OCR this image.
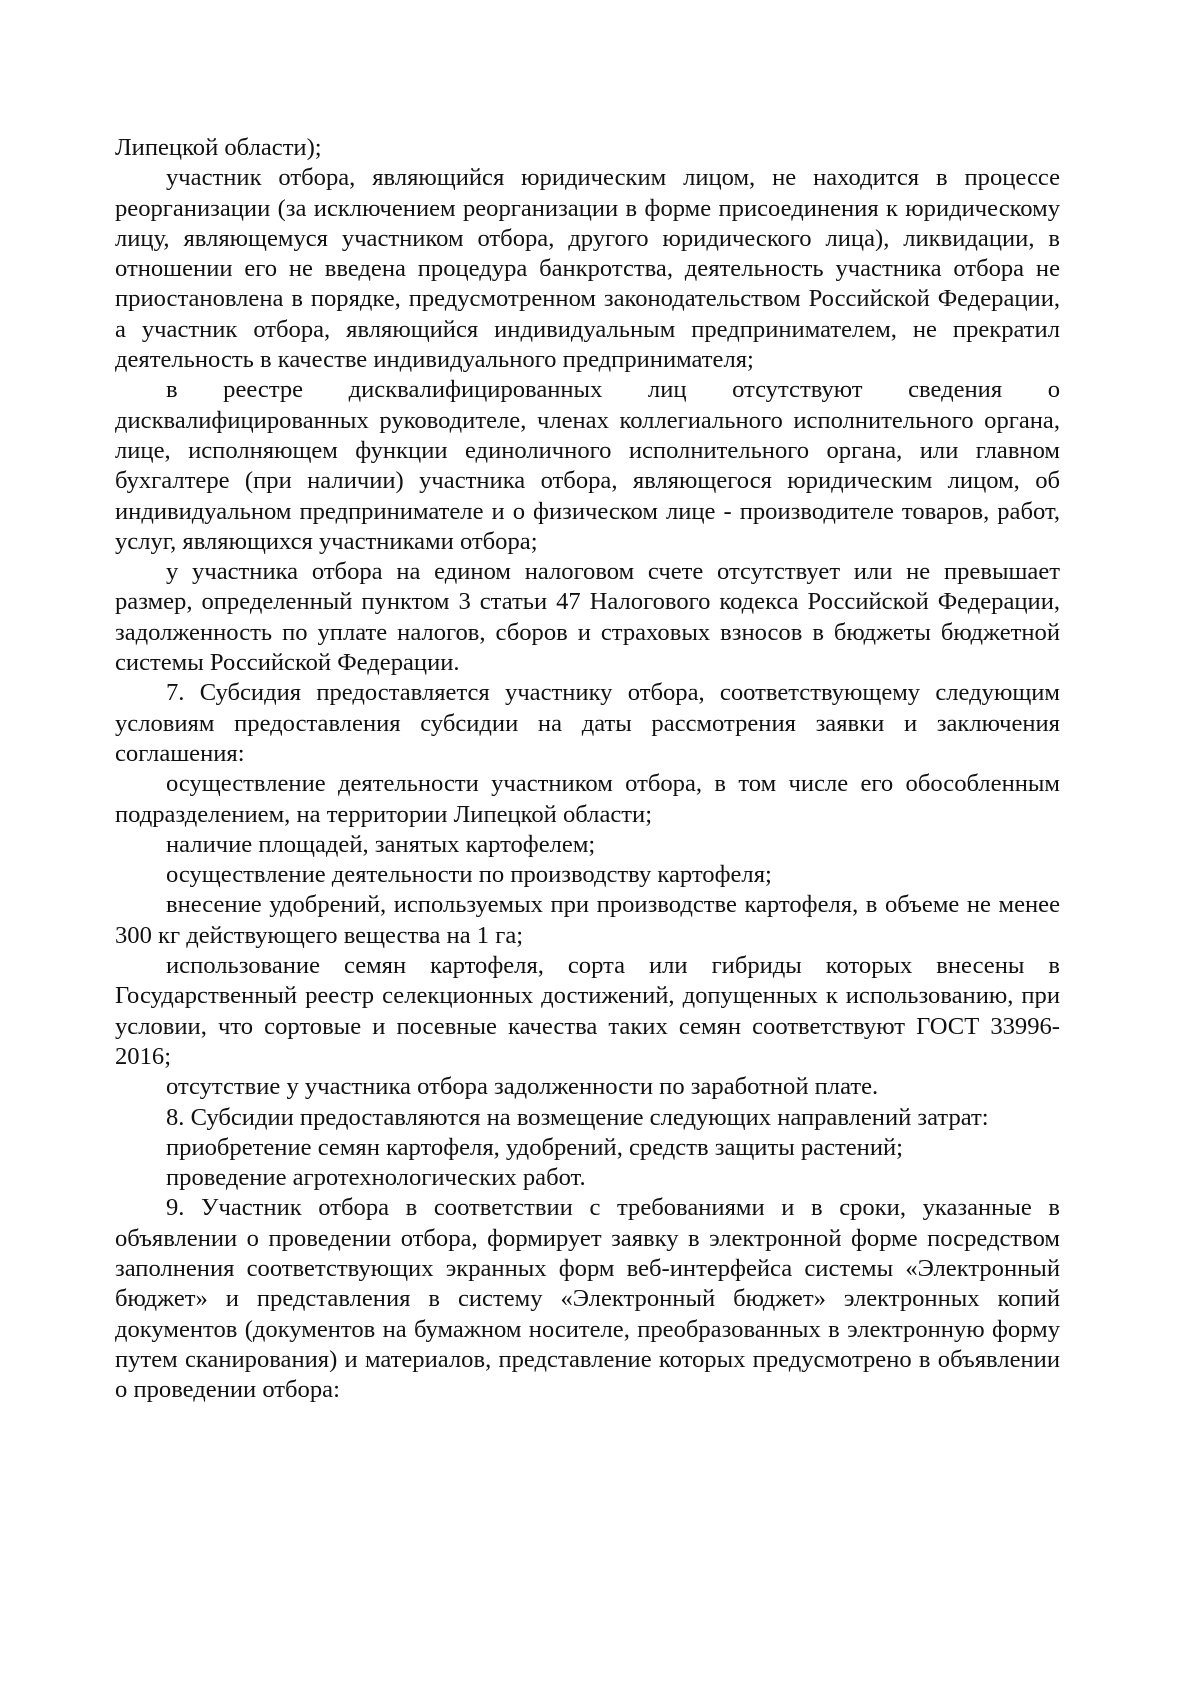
Липецкой области);

участник отбора, являющийся юридическим лицом, не находится в процессе реорганизации (за исключением реорганизации в форме присоединения к юридическому лицу, являющемуся участником отбора, другого юридического лица), ликвидации, в отношении его не введена процедура банкротства, деятельность участника отбора не приостановлена в порядке, предусмотренном законодательством Российской Федерации, а участник отбора, являющийся индивидуальным предпринимателем, не прекратил деятельность в качестве индивидуального предпринимателя;

в реестре дисквалифицированных лиц отсутствуют сведения о дисквалифицированных руководителе, членах коллегиального исполнительного органа, лице, исполняющем функции единоличного исполнительного органа, или главном бухгалтере (при наличии) участника отбора, являющегося юридическим лицом, об индивидуальном предпринимателе и о физическом лице - производителе товаров, работ, услуг, являющихся участниками отбора;

у участника отбора на едином налоговом счете отсутствует или не превышает размер, определенный пунктом 3 статьи 47 Налогового кодекса Российской Федерации, задолженность по уплате налогов, сборов и страховых взносов в бюджеты бюджетной системы Российской Федерации.

7. Субсидия предоставляется участнику отбора, соответствующему следующим условиям предоставления субсидии на даты рассмотрения заявки и заключения соглашения:

осуществление деятельности участником отбора, в том числе его обособленным подразделением, на территории Липецкой области;

наличие площадей, занятых картофелем;

осуществление деятельности по производству картофеля;

внесение удобрений, используемых при производстве картофеля, в объеме не менее 300 кг действующего вещества на 1 га;

использование семян картофеля, сорта или гибриды которых внесены в Государственный реестр селекционных достижений, допущенных к использованию, при условии, что сортовые и посевные качества таких семян соответствуют ГОСТ 33996-2016;

отсутствие у участника отбора задолженности по заработной плате.

8. Субсидии предоставляются на возмещение следующих направлений затрат:

приобретение семян картофеля, удобрений, средств защиты растений;

проведение агротехнологических работ.

9. Участник отбора в соответствии с требованиями и в сроки, указанные в объявлении о проведении отбора, формирует заявку в электронной форме посредством заполнения соответствующих экранных форм веб-интерфейса системы «Электронный бюджет» и представления в систему «Электронный бюджет» электронных копий документов (документов на бумажном носителе, преобразованных в электронную форму путем сканирования) и материалов, представление которых предусмотрено в объявлении о проведении отбора:
